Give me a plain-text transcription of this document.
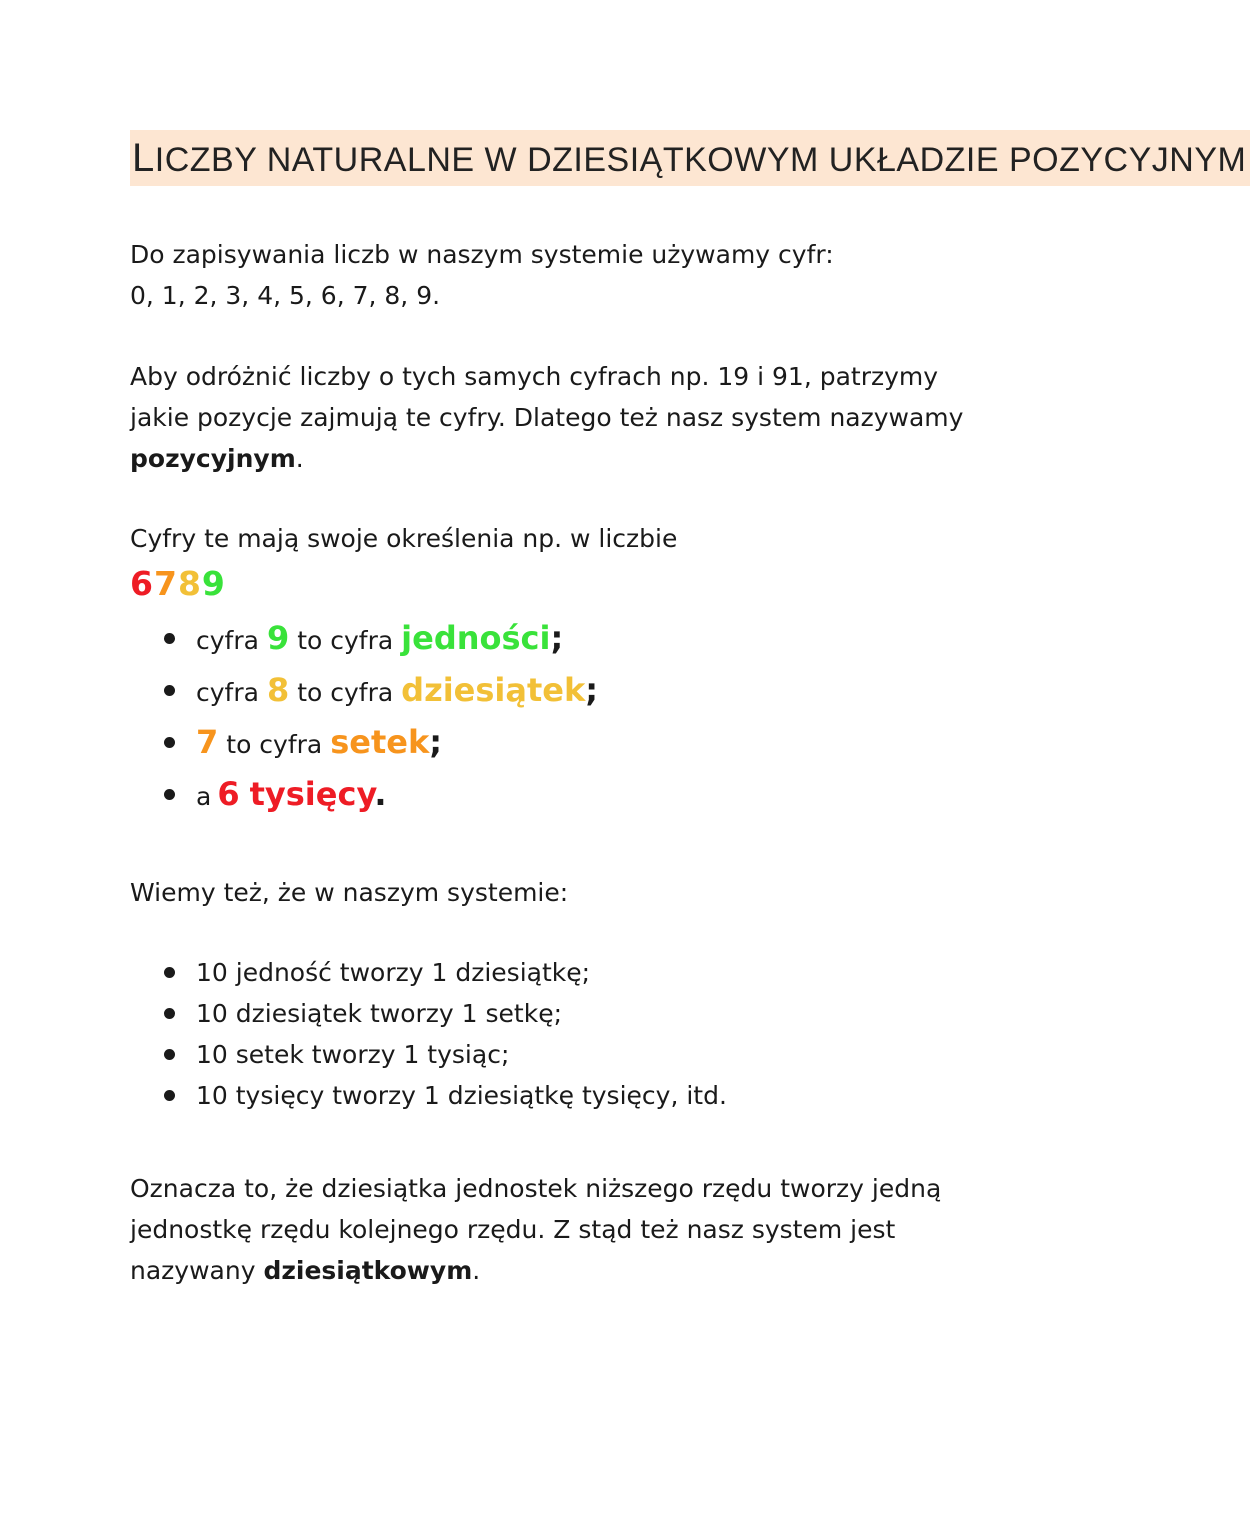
LICZBY NATURALNE W DZIESIĄTKOWYM UKŁADZIE POZYCYJNYM

Do zapisywania liczb w naszym systemie używamy cyfr:
0, 1, 2, 3, 4, 5, 6, 7, 8, 9.

Aby odróżnić liczby o tych samych cyfrach np. 19 i 91, patrzymy
jakie pozycje zajmują te cyfry. Dlatego też nasz system nazywamy
pozycyjnym.

Cyfry te mają swoje określenia np. w liczbie

6789
cyfra 9 to cyfra jedności;
cyfra 8 to cyfra dziesiątek;
7 to cyfra setek;
a 6 tysięcy.

Wiemy też, że w naszym systemie:

10 jedność tworzy 1 dziesiątkę;
10 dziesiątek tworzy 1 setkę;
10 setek tworzy 1 tysiąc;
10 tysięcy tworzy 1 dziesiątkę tysięcy, itd.

Oznacza to, że dziesiątka jednostek niższego rzędu tworzy jedną
jednostkę rzędu kolejnego rzędu. Z stąd też nasz system jest
nazywany dziesiątkowym.
